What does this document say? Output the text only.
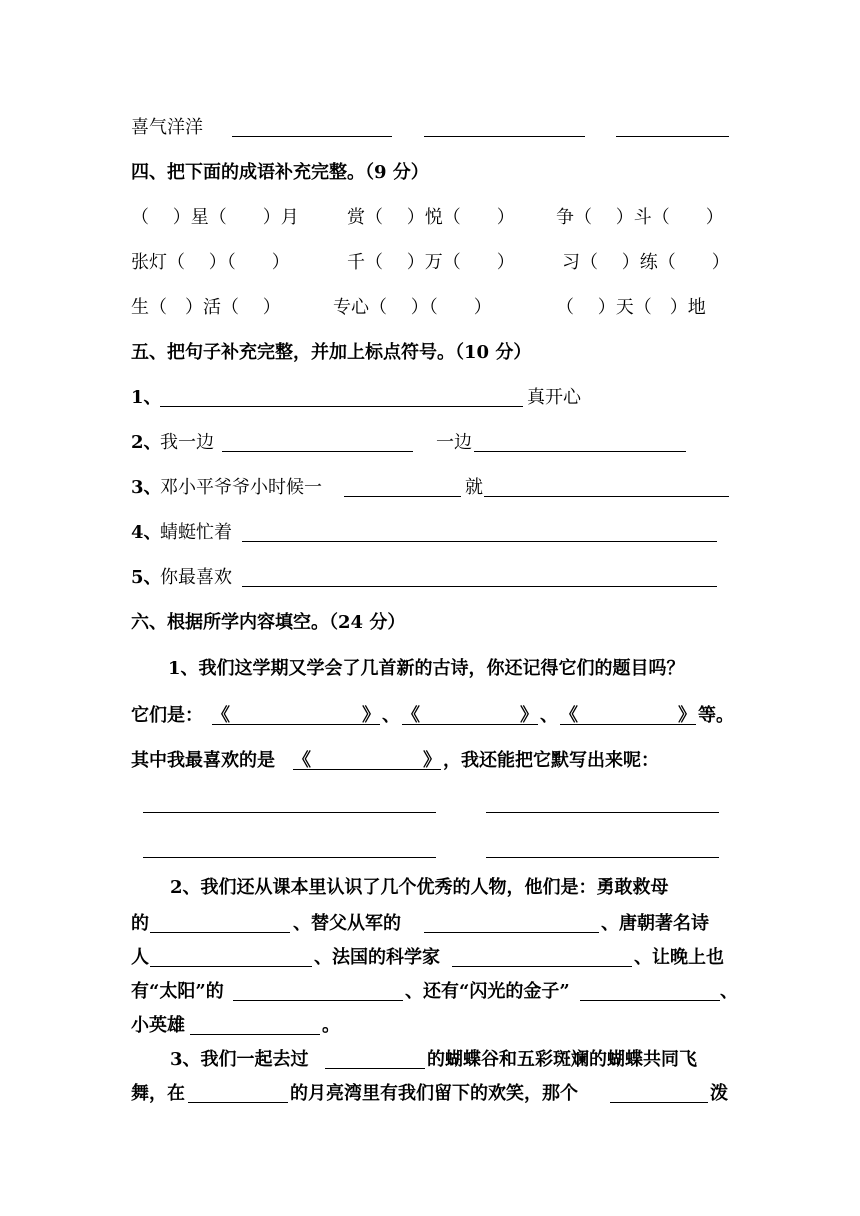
喜气洋洋
四、把下面的成语补充完整。（9 分）
（　 ）星（　　）月	赏（　 ）悦（　　） 争（　 ）斗（　　）
张灯（　 ）（　　）	千（　 ）万（　　）	习（　 ）练（　　）
生（　）活（　 ）	专心（　 ）（　　）	（　 ）天（　）地
五、把句子补充完整，并加上标点符号。（10 分）
1、	真开心
2、
我一边	一边
3、
邓小平爷爷小时候一	就
4、
蜻蜓忙着
5、
你最喜欢
六、根据所学内容填空。（24 分）
1、我们这学期又学会了几首新的古诗，你还记得它们的题目吗？
它们是： 《	》 、 《	》 、 《	》 等。
其中我最喜欢的是 《	》 ，我还能把它默写出来呢：
2、我们还从课本里认识了几个优秀的人物，他们是：勇敢救母
的	、替父从军的	、唐朝著名诗
人	、法国的科学家	、让晚上也
有“太阳”的	、还有“闪光的金子”	、
小英雄	。
3、我们一起去过	的蝴蝶谷和五彩斑斓的蝴蝶共同飞
舞，在	的月亮湾里有我们留下的欢笑，那个	泼
